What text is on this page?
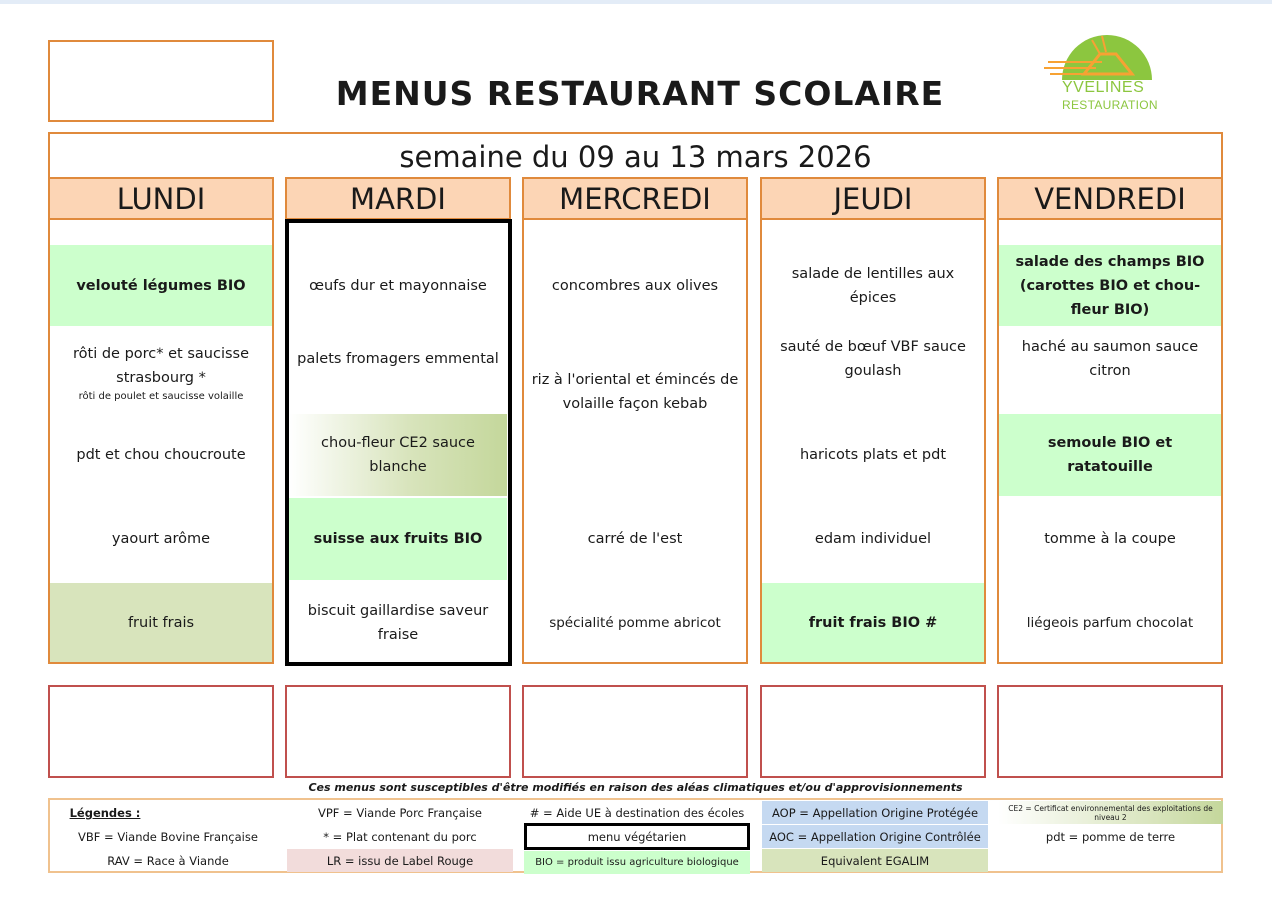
MENUS RESTAURANT SCOLAIRE	YVELINES
RESTAURATION
semaine du 09 au 13 mars 2026
LUNDI
velouté légumes BIO
rôti de porc* et saucisse strasbourg *
rôti de poulet et saucisse volaille
pdt et chou choucroute
yaourt arôme
fruit frais
MARDI
œufs dur et mayonnaise
palets fromagers emmental
chou-fleur CE2 sauce blanche
suisse aux fruits BIO
biscuit gaillardise saveur fraise
MERCREDI
concombres aux olives
riz à l'oriental et émincés de volaille façon kebab
carré de l'est
spécialité pomme abricot
JEUDI
salade de lentilles aux épices
sauté de bœuf VBF sauce goulash
haricots plats et pdt
edam individuel
fruit frais BIO #
VENDREDI
salade des champs BIO (carottes BIO et chou-fleur BIO)
haché au saumon sauce citron
semoule BIO et ratatouille
tomme à la coupe
liégeois parfum chocolat
Ces menus sont susceptibles d'être modifiés en raison des aléas climatiques et/ou d'approvisionnements
Légendes :
VBF = Viande Bovine Française
RAV = Race à Viande
VPF = Viande Porc Française
* = Plat contenant du porc
LR = issu de Label Rouge
# = Aide UE à destination des écoles
menu végétarien
BIO = produit issu agriculture biologique
AOP = Appellation Origine Protégée
AOC = Appellation Origine Contrôlée
Equivalent EGALIM
CE2 = Certificat environnemental des exploitations de niveau 2
pdt = pomme de terre
